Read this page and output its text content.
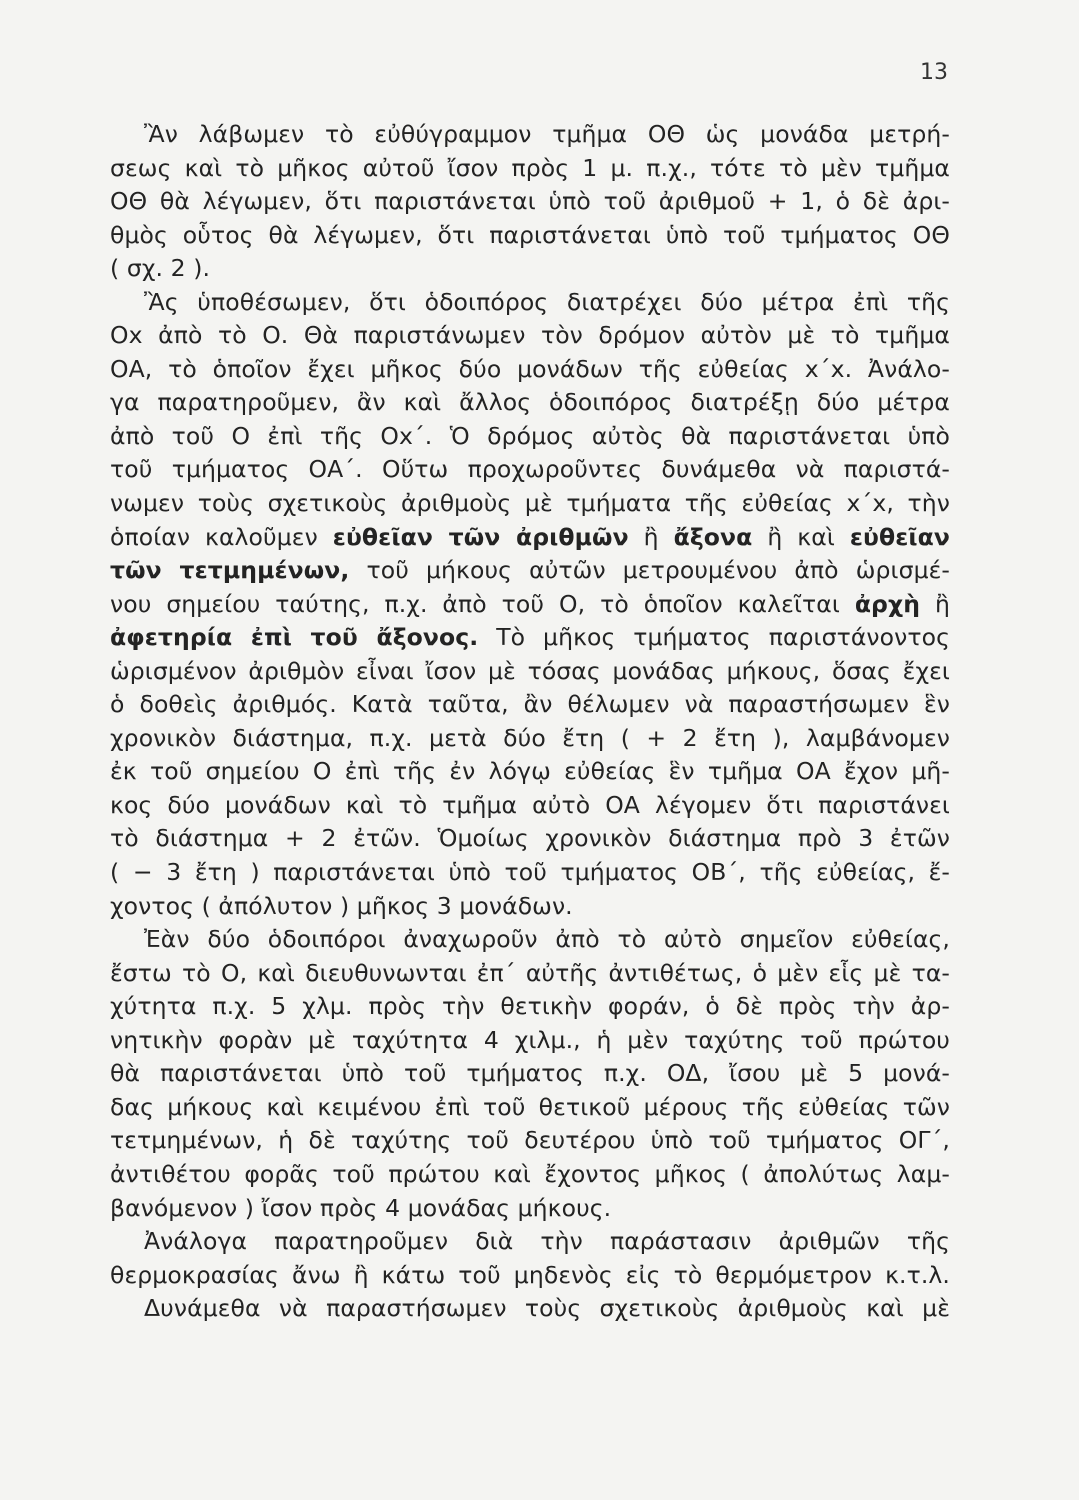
13
Ἂν λάβωμεν τὸ εὐθύγραμμον τμῆμα ΟΘ ὡς μονάδα μετρή-
σεως καὶ τὸ μῆκος αὐτοῦ ἴσον πρὸς 1 μ. π.χ., τότε τὸ μὲν τμῆμα
ΟΘ θὰ λέγωμεν, ὅτι παριστάνεται ὑπὸ τοῦ ἀριθμοῦ + 1, ὁ δὲ ἀρι-
θμὸς οὗτος θὰ λέγωμεν, ὅτι παριστάνεται ὑπὸ τοῦ τμήματος ΟΘ
( σχ. 2 ).
Ἂς ὑποθέσωμεν, ὅτι ὁδοιπόρος διατρέχει δύο μέτρα ἐπὶ τῆς
Οx ἀπὸ τὸ Ο. Θὰ παριστάνωμεν τὸν δρόμον αὐτὸν μὲ τὸ τμῆμα
ΟΑ, τὸ ὁποῖον ἔχει μῆκος δύο μονάδων τῆς εὐθείας x΄x. Ἀνάλο-
γα παρατηροῦμεν, ἂν καὶ ἄλλος ὁδοιπόρος διατρέξῃ δύο μέτρα
ἀπὸ τοῦ Ο ἐπὶ τῆς Οx΄. Ὁ δρόμος αὐτὸς θὰ παριστάνεται ὑπὸ
τοῦ τμήματος ΟΑ΄. Οὕτω προχωροῦντες δυνάμεθα νὰ παριστά-
νωμεν τοὺς σχετικοὺς ἀριθμοὺς μὲ τμήματα τῆς εὐθείας x΄x, τὴν
ὁποίαν καλοῦμεν εὐθεῖαν τῶν ἀριθμῶν ἢ ἄξονα ἢ καὶ εὐθεῖαν
τῶν τετμημένων, τοῦ μήκους αὐτῶν μετρουμένου ἀπὸ ὡρισμέ-
νου σημείου ταύτης, π.χ. ἀπὸ τοῦ Ο, τὸ ὁποῖον καλεῖται ἀρχὴ ἢ
ἀφετηρία ἐπὶ τοῦ ἄξονος. Τὸ μῆκος τμήματος παριστάνοντος
ὡρισμένον ἀριθμὸν εἶναι ἴσον μὲ τόσας μονάδας μήκους, ὅσας ἔχει
ὁ δοθεὶς ἀριθμός. Κατὰ ταῦτα, ἂν θέλωμεν νὰ παραστήσωμεν ἓν
χρονικὸν διάστημα, π.χ. μετὰ δύο ἔτη ( + 2 ἔτη ), λαμβάνομεν
ἐκ τοῦ σημείου Ο ἐπὶ τῆς ἐν λόγῳ εὐθείας ἓν τμῆμα ΟΑ ἔχον μῆ-
κος δύο μονάδων καὶ τὸ τμῆμα αὐτὸ ΟΑ λέγομεν ὅτι παριστάνει
τὸ διάστημα + 2 ἐτῶν. Ὁμοίως χρονικὸν διάστημα πρὸ 3 ἐτῶν
( − 3 ἔτη ) παριστάνεται ὑπὸ τοῦ τμήματος ΟΒ΄, τῆς εὐθείας, ἔ-
χοντος ( ἀπόλυτον ) μῆκος 3 μονάδων.
Ἐὰν δύο ὁδοιπόροι ἀναχωροῦν ἀπὸ τὸ αὐτὸ σημεῖον εὐθείας,
ἔστω τὸ Ο, καὶ διευθυνωνται ἐπ΄ αὐτῆς ἀντιθέτως, ὁ μὲν εἷς μὲ τα-
χύτητα π.χ. 5 χλμ. πρὸς τὴν θετικὴν φοράν, ὁ δὲ πρὸς τὴν ἀρ-
νητικὴν φορὰν μὲ ταχύτητα 4 χιλμ., ἡ μὲν ταχύτης τοῦ πρώτου
θὰ παριστάνεται ὑπὸ τοῦ τμήματος π.χ. ΟΔ, ἴσου μὲ 5 μονά-
δας μήκους καὶ κειμένου ἐπὶ τοῦ θετικοῦ μέρους τῆς εὐθείας τῶν
τετμημένων, ἡ δὲ ταχύτης τοῦ δευτέρου ὑπὸ τοῦ τμήματος ΟΓ΄,
ἀντιθέτου φορᾶς τοῦ πρώτου καὶ ἔχοντος μῆκος ( ἀπολύτως λαμ-
βανόμενον ) ἴσον πρὸς 4 μονάδας μήκους.
Ἀνάλογα παρατηροῦμεν διὰ τὴν παράστασιν ἀριθμῶν τῆς
θερμοκρασίας ἄνω ἢ κάτω τοῦ μηδενὸς εἰς τὸ θερμόμετρον κ.τ.λ.
Δυνάμεθα νὰ παραστήσωμεν τοὺς σχετικοὺς ἀριθμοὺς καὶ μὲ
